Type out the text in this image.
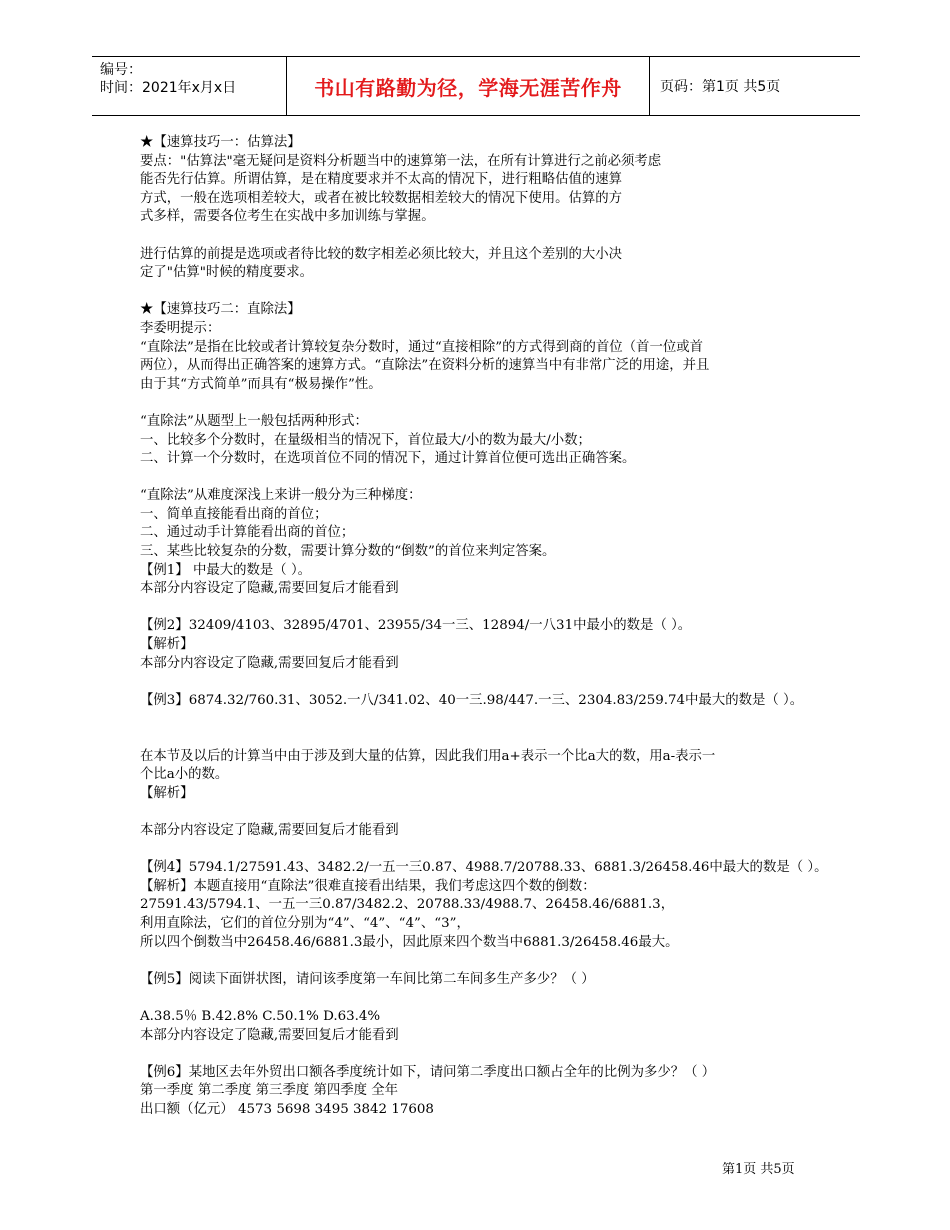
编号：
时间：2021年x月x日	书山有路勤为径，学海无涯苦作舟	页码：第1页 共5页

★【速算技巧一：估算法】

要点："估算法"毫无疑问是资料分析题当中的速算第一法，在所有计算进行之前必须考虑

能否先行估算。所谓估算，是在精度要求并不太高的情况下，进行粗略估值的速算

方式，一般在选项相差较大，或者在被比较数据相差较大的情况下使用。估算的方

式多样，需要各位考生在实战中多加训练与掌握。

进行估算的前提是选项或者待比较的数字相差必须比较大，并且这个差别的大小决

定了"估算"时候的精度要求。

★【速算技巧二：直除法】

李委明提示：

“直除法”是指在比较或者计算较复杂分数时，通过“直接相除”的方式得到商的首位（首一位或首

两位），从而得出正确答案的速算方式。“直除法”在资料分析的速算当中有非常广泛的用途，并且

由于其“方式简单”而具有“极易操作”性。

“直除法”从题型上一般包括两种形式：

一、比较多个分数时，在量级相当的情况下，首位最大/小的数为最大/小数；

二、计算一个分数时，在选项首位不同的情况下，通过计算首位便可选出正确答案。

“直除法”从难度深浅上来讲一般分为三种梯度：

一、简单直接能看出商的首位；

二、通过动手计算能看出商的首位；

三、某些比较复杂的分数，需要计算分数的“倒数”的首位来判定答案。

【例1】 中最大的数是（ ）。

本部分内容设定了隐藏,需要回复后才能看到

【例2】32409/4103、32895/4701、23955/34一三、12894/一八31中最小的数是（ ）。

【解析】

本部分内容设定了隐藏,需要回复后才能看到

【例3】6874.32/760.31、3052.一八/341.02、40一三.98/447.一三、2304.83/259.74中最大的数是（ ）。

在本节及以后的计算当中由于涉及到大量的估算，因此我们用a+表示一个比a大的数，用a-表示一

个比a小的数。

【解析】

本部分内容设定了隐藏,需要回复后才能看到

【例4】5794.1/27591.43、3482.2/一五一三0.87、4988.7/20788.33、6881.3/26458.46中最大的数是（ ）。

【解析】本题直接用“直除法”很难直接看出结果，我们考虑这四个数的倒数：

27591.43/5794.1、一五一三0.87/3482.2、20788.33/4988.7、26458.46/6881.3，

利用直除法，它们的首位分别为“4”、“4”、“4”、“3”，

所以四个倒数当中26458.46/6881.3最小，因此原来四个数当中6881.3/26458.46最大。

【例5】阅读下面饼状图，请问该季度第一车间比第二车间多生产多少？（ ）

A.38.5％ B.42.8% C.50.1% D.63.4%

本部分内容设定了隐藏,需要回复后才能看到

【例6】某地区去年外贸出口额各季度统计如下，请问第二季度出口额占全年的比例为多少？（ ）

第一季度 第二季度 第三季度 第四季度 全年

出口额（亿元） 4573 5698 3495 3842 17608

第1页 共5页
